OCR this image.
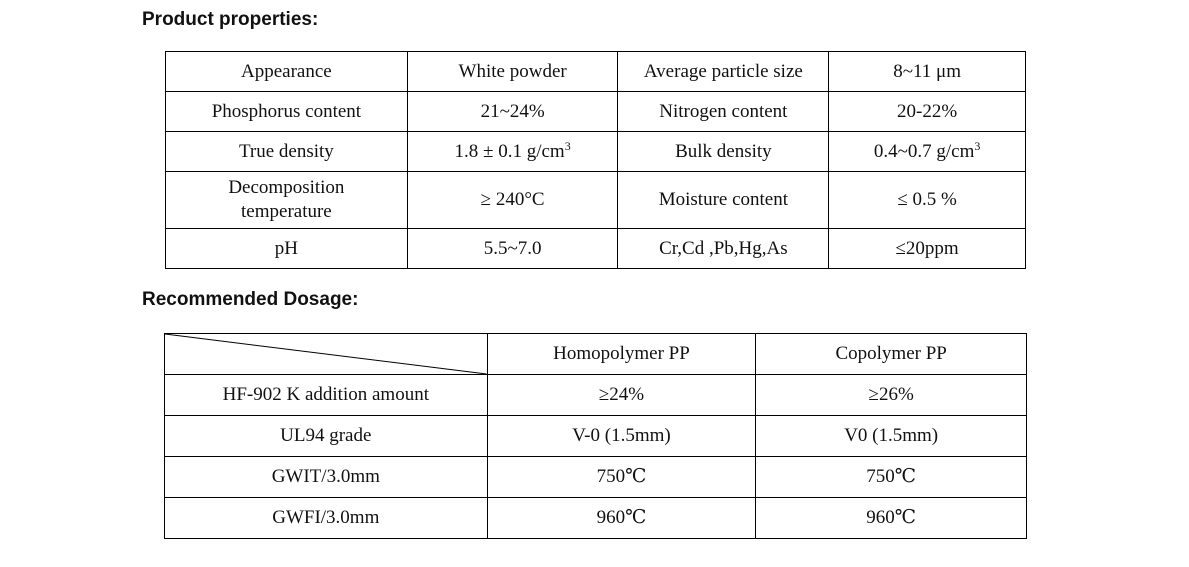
Product properties:
Appearance	White powder	Average particle size	8~11 μm
Phosphorus content	21~24%	Nitrogen content	20-22%
True density	1.8 ± 0.1 $g/cm^3$	Bulk density	0.4~0.7 $g/cm^3$

Decomposition
temperature	≥ 240°C	Moisture content	≤ 0.5 %
pH	5.5~7.0	Cr,Cd ,Pb,Hg,As	≤20ppm
Recommended Dosage:
	Homopolymer PP	Copolymer PP
HF-902 K addition amount	≥24%	≥26%
UL94 grade	V-0 (1.5mm)	V0 (1.5mm)
GWIT/3.0mm	750℃	750℃
GWFI/3.0mm	960℃	960℃
